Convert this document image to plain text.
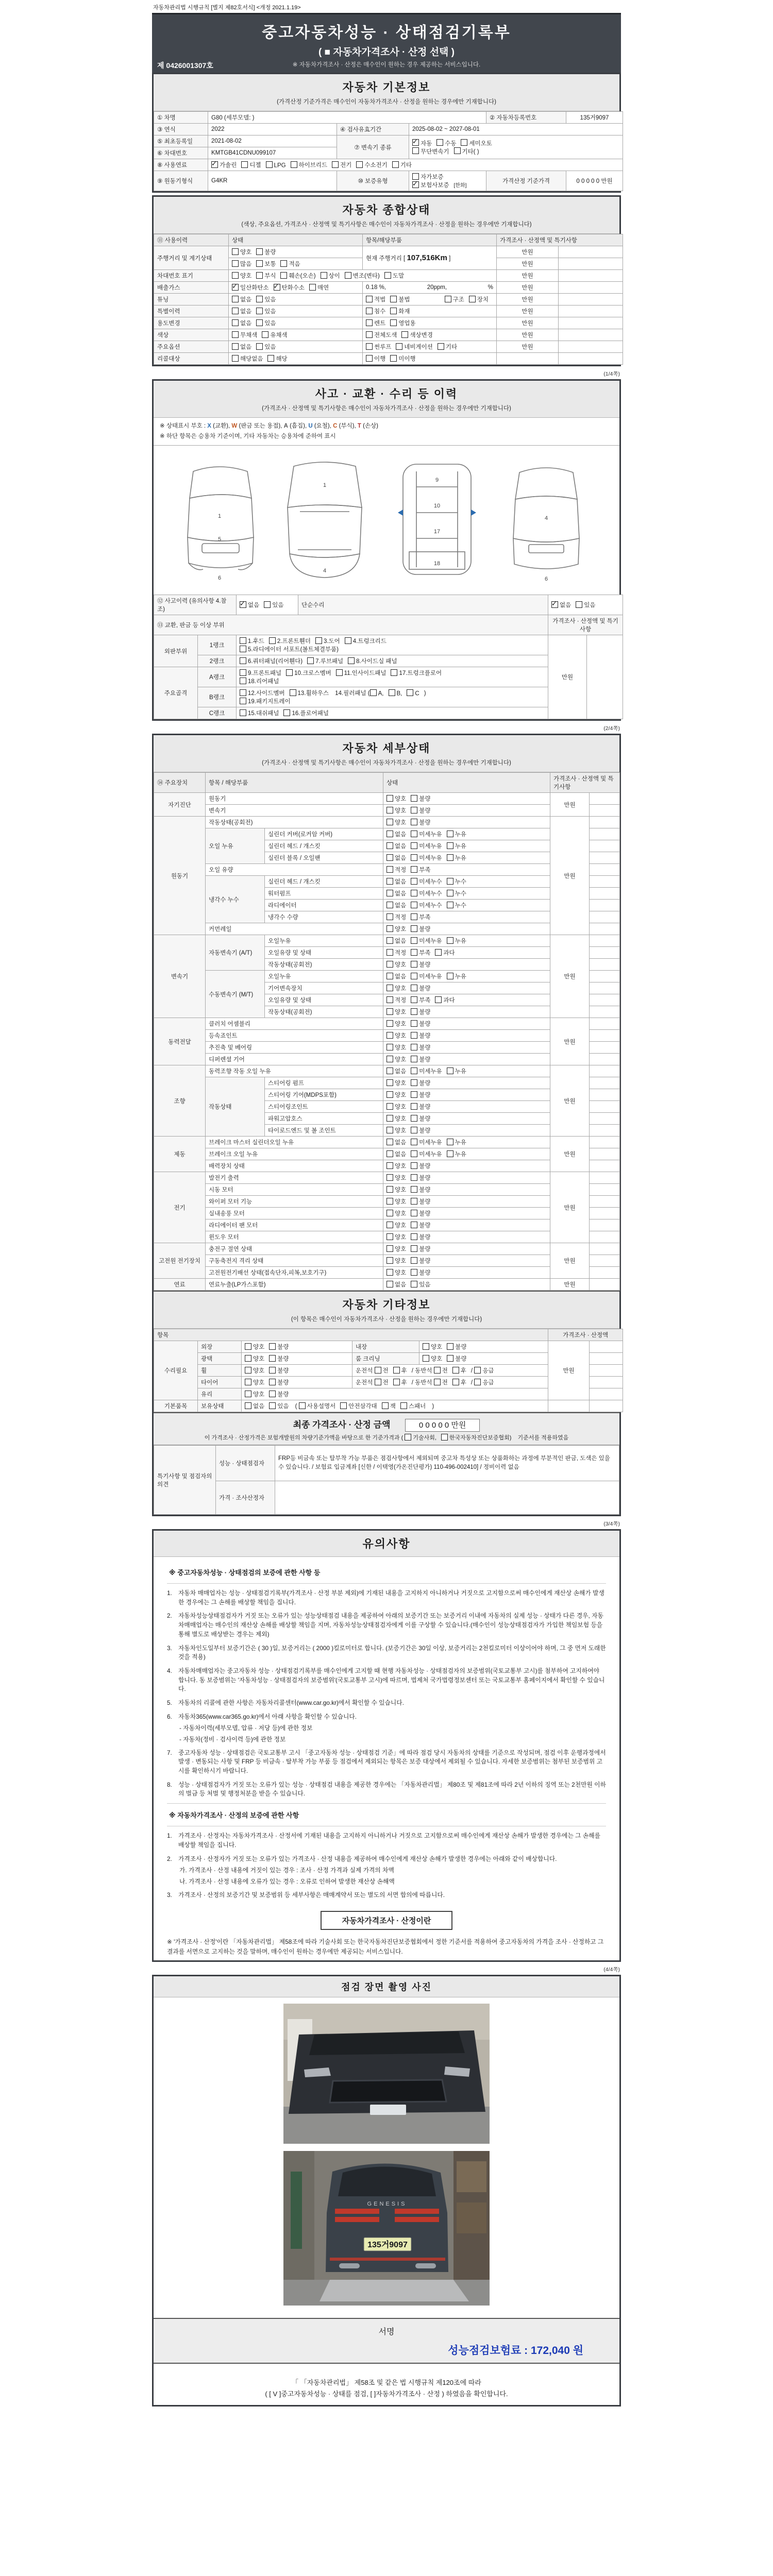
자동차관리법 시행규칙 [별지 제82호서식] <개정 2021.1.19>
중고자동차성능 · 상태점검기록부
( ■ 자동차가격조사 · 산정 선택 )
※ 자동차가격조사 · 산정은 매수인이 원하는 경우 제공하는 서비스입니다.
제 0426001307호
자동차 기본정보
(가격산정 기준가격은 매수인이 자동차가격조사 · 산정을 원하는 경우에만 기재합니다)
① 차명	G80 (세부모델: )			② 자동차등록번호	135거9097
③ 연식	2022	④ 검사유효기간	2025-08-02 ~ 2027-08-01		
⑤ 최초등록일	2021-08-02	⑦ 변속기 종류	
✓자동 수동 세미오토
무단변속기 기타( )

⑥ 차대번호	KMTGB41CDNU099107				
⑧ 사용연료	✓가솔린 디젤 LPG 하이브리드 전기 수소전기 기타
⑨ 원동기형식	G4KR	⑩ 보증유형	자가보증✓보험사보증 [한화]	가격산정 기준가격	0 0 0 0 0 만원
자동차 종합상태
(색상, 주요옵션, 가격조사 · 산정액 및 특기사항은 매수인이 자동차가격조사 · 산정을 원하는 경우에만 기재합니다)
⑪ 사용이력	상태	항목/해당부품	가격조사 · 산정액 및 특기사항	
주행거리 및 계기상태	양호 불량	현재 주행거리 [ 107,516Km ]	만원	
	많음 보통 적음		만원	
차대번호 표기	양호 부식 훼손(오손) 상이 변조(변타) 도말		만원	
배출가스	✓일산화탄소 ✓ 탄화수소 매연	0.18 %, 20ppm, %	만원	
튜닝	없음 있음	적법 불법 구조 장치	만원	
특별이력	없음 있음	침수 화재	만원	
용도변경	없음 있음	렌트 영업용	만원	
색상	무채색 유채색	전체도색 색상변경	만원	
주요옵션	없음 있음	썬루프 네비게이션 기타	만원	
리콜대상	해당없음 해당	이행 미이행		
(1/4쪽)
사고 · 교환 · 수리 등 이력
(가격조사 · 산정액 및 특기사항은 매수인이 자동차가격조사 · 산정을 원하는 경우에만 기재합니다)
※ 상태표시 부호 : X (교환), W (판금 또는 용접), A (흠집), U (요철), C (부식), T (손상)
※ 하단 항목은 승용차 기준이며, 기타 자동차는 승용차에 준하여 표시
1
5
6
1
4
9
10
17
18
4
6
⑫ 사고이력 (유의사항 4.참조)	✓없음 있음	단순수리	✓없음 있음
⑬ 교환, 판금 등 이상 부위				가격조사 · 산정액 및 특기사항	
외판부위	1랭크	1.후드 2.프론트휀더 3.도어 4.트렁크리드
5.라디에이터 서포트(볼트체결부품)		만원	
	2랭크	6.쿼터패널(리어휀다) 7.루브패널 8.사이드실 패널			
주요골격	A랭크	9.프론트패널 10.크로스멤버 11.인사이드패널 17.트렁크플로어
18.리어패널			

	B랭크	12.사이드멤버 13.휠하우스 14.필러패널 ( A, B, C )
19.패키지트레이			

	C랭크	15.대쉬패널 16.플로어패널			
(2/4쪽)
자동차 세부상태
(가격조사 · 산정액 및 특기사항은 매수인이 자동차가격조사 · 산정을 원하는 경우에만 기재합니다)
⑭ 주요장치	항목 / 해당부품		상태	가격조사 · 산정액 및 특기사항	
자기진단	원동기		양호 불량	만원	
	변속기		양호 불량		
원동기	작동상태(공회전)		양호 불량	만원	
	오일 누유	실린더 커버(로커암 커버)	없음 미세누유 누유		
		실린더 헤드 / 개스킷	없음 미세누유 누유		
		실린더 블록 / 오일팬	없음 미세누유 누유		
	오일 유량		적정 부족		
	냉각수 누수	실린더 헤드 / 개스킷	없음 미세누수 누수		
		워터펌프	없음 미세누수 누수		
		라디에이터	없음 미세누수 누수		
		냉각수 수량	적정 부족		
	커먼레일		양호 불량		
변속기	자동변속기 (A/T)	오일누유	없음 미세누유 누유	만원	
		오일유량 및 상태	적정 부족 과다		
		작동상태(공회전)	양호 불량		
	수동변속기 (M/T)	오일누유	없음 미세누유 누유		
		기어변속장치	양호 불량		
		오일유량 및 상태	적정 부족 과다		
		작동상태(공회전)	양호 불량		
동력전달	클러치 어셈블리		양호 불량	만원	
	등속죠인트		양호 불량		
	추진축 및 베어링		양호 불량		
	디퍼렌셜 기어		양호 불량		
조향	동력조향 작동 오일 누유		없음 미세누유 누유	만원	
	작동상태	스티어링 펌프	양호 불량		
		스티어링 기어(MDPS포함)	양호 불량		
		스티어링조인트	양호 불량		
		파워고압호스	양호 불량		
		타이로드엔드 및 볼 조인트	양호 불량		
제동	브레이크 마스터 실린더오일 누유		없음 미세누유 누유	만원	
	브레이크 오일 누유		없음 미세누유 누유		
	배력장치 상태		양호 불량		
전기	발전기 출력		양호 불량	만원	
	시동 모터		양호 불량		
	와이퍼 모터 기능		양호 불량		
	실내송풍 모터		양호 불량		
	라디에이터 팬 모터		양호 불량		
	윈도우 모터		양호 불량		
고전원 전기장치	충전구 절연 상태		양호 불량	만원	
	구동축전지 격리 상태		양호 불량		
	고전원전기배선 상태(접속단자,피복,보호기구)		양호 불량		
연료	연료누출(LP가스포함)		없음 있음	만원	
자동차 기타정보
(이 항목은 매수인이 자동차가격조사 · 산정을 원하는 경우에만 기재합니다)
항목					가격조사 · 산정액	
수리필요	외장	양호 불량	내장	양호 불량	만원	
	광택	양호 불량	룸 크리닝	양호 불량		
	휠	양호 불량	운전석 전 후 / 동반석 전 후 / 응급			
	타이어	양호 불량	운전석 전 후 / 동반석 전 후 / 응급			
	유리	양호 불량				
기본품목	보유상태	없음 있음 ( 사용설명서 안전삼각대 잭 스패너 )				
최종 가격조사 · 산정 금액	0 0 0 0 0 만원
이 가격조사 · 산정가격은 보험개발원의 차량기준가액을 바탕으로 한 기준가격과 ( 기술사회, 한국자동차진단보증협회) 기준서를 적용하였음
특기사항 및 점검자의 의견	성능 · 상태점검자	FRP등 비금속 또는 탈부착 가능 부품은 점검사항에서 제외되며 중고차 특성상 또는 상품화하는 과정에 부분적인 판금, 도색은 있을 수 있습니다. / 보험료 입금계좌 [신한 / 이택영(가온진단평가) 110-496-002410] / 정비이력 없음
	가격 · 조사산정자	
(3/4쪽)
유의사항
※ 중고자동차성능 · 상태점검의 보증에 관한 사항 등
1.	자동차 매매업자는 성능 · 상태점검기록부(가격조사 · 산정 부분 제외)에 기재된 내용을 고지하지 아니하거나 거짓으로 고지함으로써 매수인에게 재산상 손해가 발생한 경우에는 그 손해를 배상할 책임을 집니다.
2.	자동차성능상태점검자가 거짓 또는 오류가 있는 성능상태점검 내용을 제공하여 아래의 보증기간 또는 보증거리 이내에 자동차의 실제 성능 · 상태가 다른 경우, 자동차매매업자는 매수인의 재산상 손해를 배상할 책임을 지며, 자동차성능상태점검자에게 이를 구상할 수 있습니다.(매수인이 성능상태점검자가 가입한 책임보험 등을 통해 별도로 배상받는 경우는 제외)
3.	자동차인도일부터 보증기간은 ( 30 )일, 보증거리는 ( 2000 )킬로미터로 합니다. (보증기간은 30일 이상, 보증거리는 2천킬로미터 이상이어야 하며, 그 중 먼저 도래한 것을 적용)
4.	자동차매매업자는 중고자동차 성능 · 상태점검기록부를 매수인에게 고지할 때 현행 자동차성능 · 상태점검자의 보증범위(국토교통부 고시)를 첨부하여 고지하여야 합니다. 동 보증범위는 '자동차성능 · 상태점검자의 보증범위'(국토교통부 고시)에 따르며, 법제처 국가법령정보센터 또는 국토교통부 홈페이지에서 확인할 수 있습니다.
5.	자동차의 리콜에 관한 사항은 자동차리콜센터(www.car.go.kr)에서 확인할 수 있습니다.
6.	자동차365(www.car365.go.kr)에서 아래 사항을 확인할 수 있습니다.
- 자동차이력(세부모델, 압류 · 저당 등)에 관한 정보
- 자동차(정비 · 검사이력 등)에 관한 정보
7.	중고자동차 성능 · 상태점검은 국토교통부 고시 「중고자동차 성능 · 상태점검 기준」에 따라 점검 당시 자동차의 상태를 기준으로 작성되며, 점검 이후 운행과정에서 발생 · 변동되는 사항 및 FRP 등 비금속 · 탈부착 가능 부품 등 점검에서 제외되는 항목은 보증 대상에서 제외될 수 있습니다. 자세한 보증범위는 첨부된 보증범위 고시를 확인하시기 바랍니다.
8.	성능 · 상태점검자가 거짓 또는 오류가 있는 성능 · 상태점검 내용을 제공한 경우에는 「자동차관리법」 제80조 및 제81조에 따라 2년 이하의 징역 또는 2천만원 이하의 벌금 등 처벌 및 행정처분을 받을 수 있습니다.
※ 자동차가격조사 · 산정의 보증에 관한 사항
1.	가격조사 · 산정자는 자동차가격조사 · 산정서에 기재된 내용을 고지하지 아니하거나 거짓으로 고지함으로써 매수인에게 재산상 손해가 발생한 경우에는 그 손해를 배상할 책임을 집니다.
2.	가격조사 · 산정자가 거짓 또는 오류가 있는 가격조사 · 산정 내용을 제공하여 매수인에게 재산상 손해가 발생한 경우에는 아래와 같이 배상합니다.
가. 가격조사 · 산정 내용에 거짓이 있는 경우 : 조사 · 산정 가격과 실제 가격의 차액
나. 가격조사 · 산정 내용에 오류가 있는 경우 : 오류로 인하여 발생한 재산상 손해액
3.	가격조사 · 산정의 보증기간 및 보증범위 등 세부사항은 매매계약서 또는 별도의 서면 합의에 따릅니다.
자동차가격조사 · 산정이란
※ '가격조사 · 산정'이란 「자동차관리법」 제58조에 따라 기술사회 또는 한국자동차진단보증협회에서 정한 기준서를 적용하여 중고자동차의 가격을 조사 · 산정하고 그 결과를 서면으로 고지하는 것을 말하며, 매수인이 원하는 경우에만 제공되는 서비스입니다.
(4/4쪽)
점검 장면 촬영 사진
GENESIS
135거9097
서명
성능점검보험료 : 172,040 원
「 「자동차관리법」 제58조 및 같은 법 시행규칙 제120조에 따라
( [ V ]중고자동차성능 · 상태를 점검, [ ]자동차가격조사 · 산정 ) 하였음을 확인합니다.
